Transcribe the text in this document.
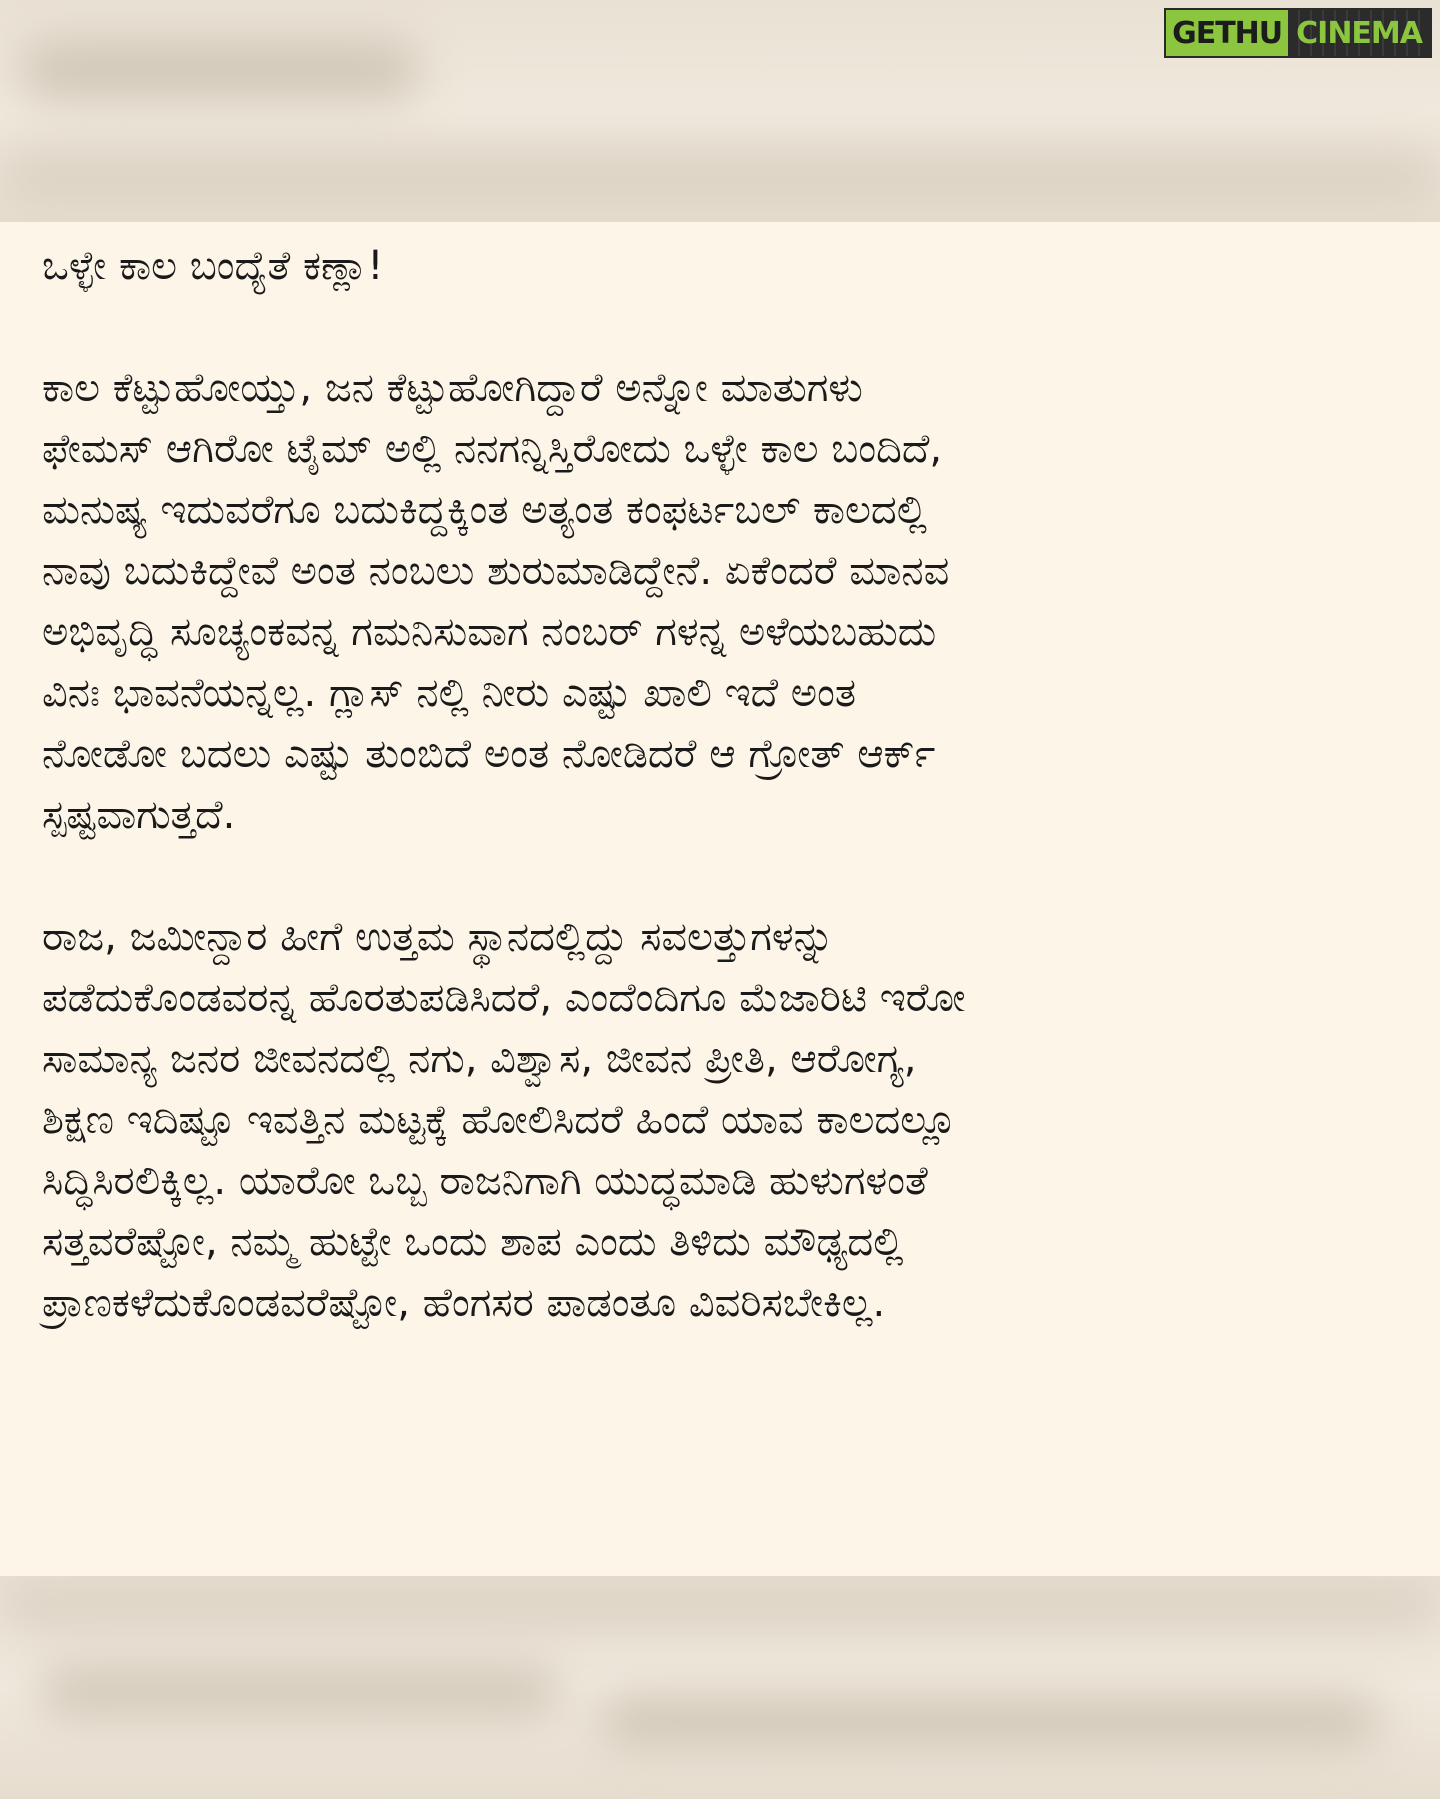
GETHU CINEMA
ಒಳ್ಳೇ ಕಾಲ ಬಂದ್ಯೆತೆ ಕಣ್ಲಾ!

ಕಾಲ ಕೆಟ್ಟುಹೋಯ್ತು, ಜನ ಕೆಟ್ಟುಹೋಗಿದ್ದಾರೆ ಅನ್ನೋ ಮಾತುಗಳು
ಫೇಮಸ್ ಆಗಿರೋ ಟೈಮ್ ಅಲ್ಲಿ ನನಗನ್ನಿಸ್ತಿರೋದು ಒಳ್ಳೇ ಕಾಲ ಬಂದಿದೆ,
ಮನುಷ್ಯ ಇದುವರೆಗೂ ಬದುಕಿದ್ದಕ್ಕಿಂತ ಅತ್ಯಂತ ಕಂಫರ್ಟಬಲ್ ಕಾಲದಲ್ಲಿ
ನಾವು ಬದುಕಿದ್ದೇವೆ ಅಂತ ನಂಬಲು ಶುರುಮಾಡಿದ್ದೇನೆ. ಏಕೆಂದರೆ ಮಾನವ
ಅಭಿವೃದ್ಧಿ ಸೂಚ್ಯಂಕವನ್ನ ಗಮನಿಸುವಾಗ ನಂಬರ್ ಗಳನ್ನ ಅಳೆಯಬಹುದು
ವಿನಃ ಭಾವನೆಯನ್ನಲ್ಲ. ಗ್ಲಾಸ್ ನಲ್ಲಿ ನೀರು ಎಷ್ಟು ಖಾಲಿ ಇದೆ ಅಂತ
ನೋಡೋ ಬದಲು ಎಷ್ಟು ತುಂಬಿದೆ ಅಂತ ನೋಡಿದರೆ ಆ ಗ್ರೋತ್ ಆರ್ಕ್
ಸ್ಪಷ್ಟವಾಗುತ್ತದೆ.

ರಾಜ, ಜಮೀನ್ದಾರ ಹೀಗೆ ಉತ್ತಮ ಸ್ಥಾನದಲ್ಲಿದ್ದು ಸವಲತ್ತುಗಳನ್ನು
ಪಡೆದುಕೊಂಡವರನ್ನ ಹೊರತುಪಡಿಸಿದರೆ, ಎಂದೆಂದಿಗೂ ಮೆಜಾರಿಟಿ ಇರೋ
ಸಾಮಾನ್ಯ ಜನರ ಜೀವನದಲ್ಲಿ ನಗು, ವಿಶ್ವಾಸ, ಜೀವನ ಪ್ರೀತಿ, ಆರೋಗ್ಯ,
ಶಿಕ್ಷಣ ಇದಿಷ್ಟೂ ಇವತ್ತಿನ ಮಟ್ಟಕ್ಕೆ ಹೋಲಿಸಿದರೆ ಹಿಂದೆ ಯಾವ ಕಾಲದಲ್ಲೂ
ಸಿದ್ಧಿಸಿರಲಿಕ್ಕಿಲ್ಲ. ಯಾರೋ ಒಬ್ಬ ರಾಜನಿಗಾಗಿ ಯುದ್ಧಮಾಡಿ ಹುಳುಗಳಂತೆ
ಸತ್ತವರೆಷ್ಟೋ, ನಮ್ಮ ಹುಟ್ಟೇ ಒಂದು ಶಾಪ ಎಂದು ತಿಳಿದು ಮೌಢ್ಯದಲ್ಲಿ
ಪ್ರಾಣಕಳೆದುಕೊಂಡವರೆಷ್ಟೋ, ಹೆಂಗಸರ ಪಾಡಂತೂ ವಿವರಿಸಬೇಕಿಲ್ಲ.
